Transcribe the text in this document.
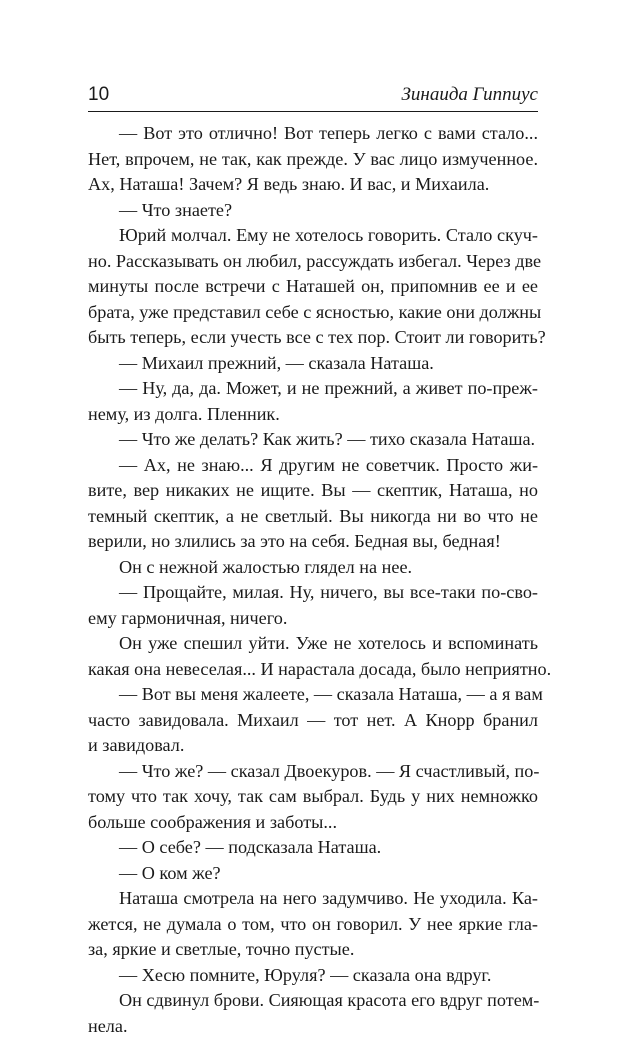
10	Зинаида Гиппиус
— Вот это отлично! Вот теперь легко с вами стало...
Нет, впрочем, не так, как прежде. У вас лицо измученное.
Ах, Наташа! Зачем? Я ведь знаю. И вас, и Михаила.
— Что знаете?
Юрий молчал. Ему не хотелось говорить. Стало скуч-
но. Рассказывать он любил, рассуждать избегал. Через две
минуты после встречи с Наташей он, припомнив ее и ее
брата, уже представил себе с ясностью, какие они должны
быть теперь, если учесть все с тех пор. Стоит ли говорить?
— Михаил прежний, — сказала Наташа.
— Ну, да, да. Может, и не прежний, а живет по-преж-
нему, из долга. Пленник.
— Что же делать? Как жить? — тихо сказала Наташа.
— Ах, не знаю... Я другим не советчик. Просто жи-
вите, вер никаких не ищите. Вы — скептик, Наташа, но
темный скептик, а не светлый. Вы никогда ни во что не
верили, но злились за это на себя. Бедная вы, бедная!
Он с нежной жалостью глядел на нее.
— Прощайте, милая. Ну, ничего, вы все-таки по-сво-
ему гармоничная, ничего.
Он уже спешил уйти. Уже не хотелось и вспоминать
какая она невеселая... И нарастала досада, было неприятно.
— Вот вы меня жалеете, — сказала Наташа, — а я вам
часто завидовала. Михаил — тот нет. А Кнорр бранил
и завидовал.
— Что же? — сказал Двоекуров. — Я счастливый, по-
тому что так хочу, так сам выбрал. Будь у них немножко
больше соображения и заботы...
— О себе? — подсказала Наташа.
— О ком же?
Наташа смотрела на него задумчиво. Не уходила. Ка-
жется, не думала о том, что он говорил. У нее яркие гла-
за, яркие и светлые, точно пустые.
— Хесю помните, Юруля? — сказала она вдруг.
Он сдвинул брови. Сияющая красота его вдруг потем-
нела.
